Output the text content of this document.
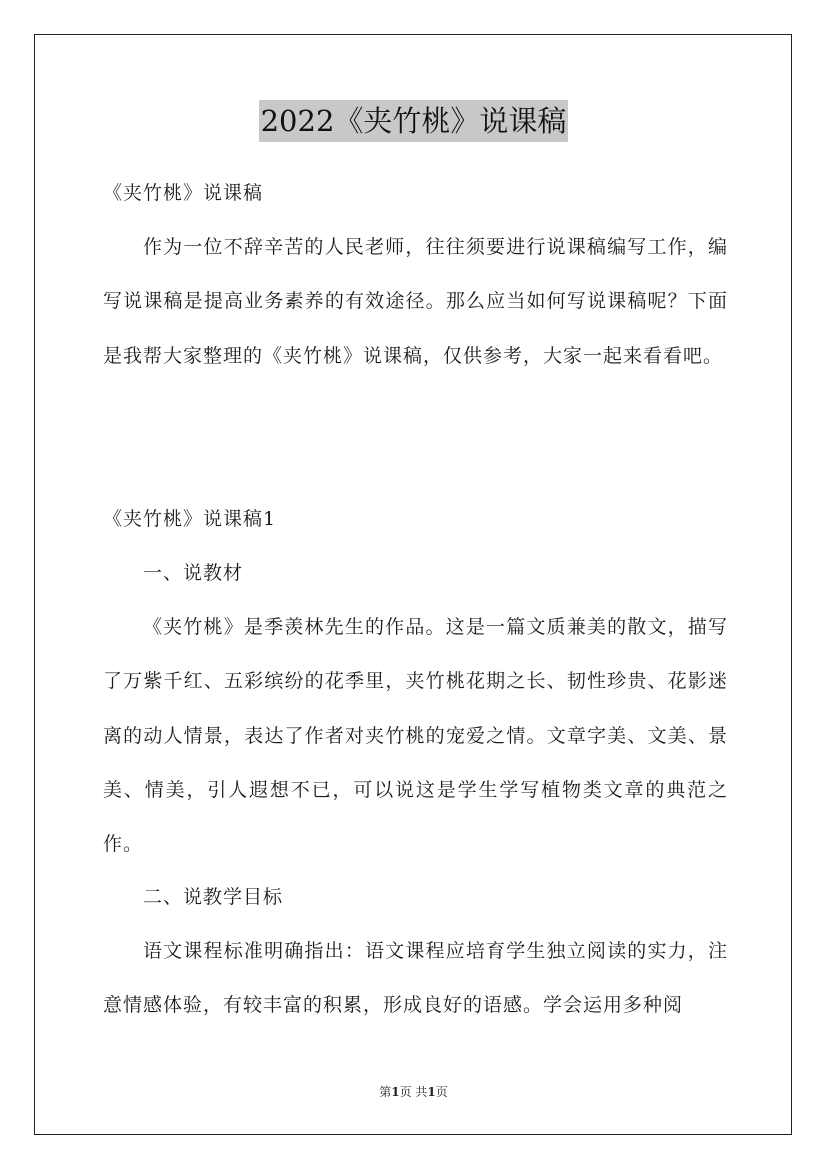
2022《夹竹桃》说课稿

《夹竹桃》说课稿

作为一位不辞辛苦的人民老师，往往须要进行说课稿编写工作，编写说课稿是提高业务素养的有效途径。那么应当如何写说课稿呢？下面是我帮大家整理的《夹竹桃》说课稿，仅供参考，大家一起来看看吧。

《夹竹桃》说课稿1

一、说教材

《夹竹桃》是季羡林先生的作品。这是一篇文质兼美的散文，描写了万紫千红、五彩缤纷的花季里，夹竹桃花期之长、韧性珍贵、花影迷离的动人情景，表达了作者对夹竹桃的宠爱之情。文章字美、文美、景美、情美，引人遐想不已，可以说这是学生学写植物类文章的典范之作。

二、说教学目标

语文课程标准明确指出：语文课程应培育学生独立阅读的实力，注意情感体验，有较丰富的积累，形成良好的语感。学会运用多种阅

第1页 共1页
